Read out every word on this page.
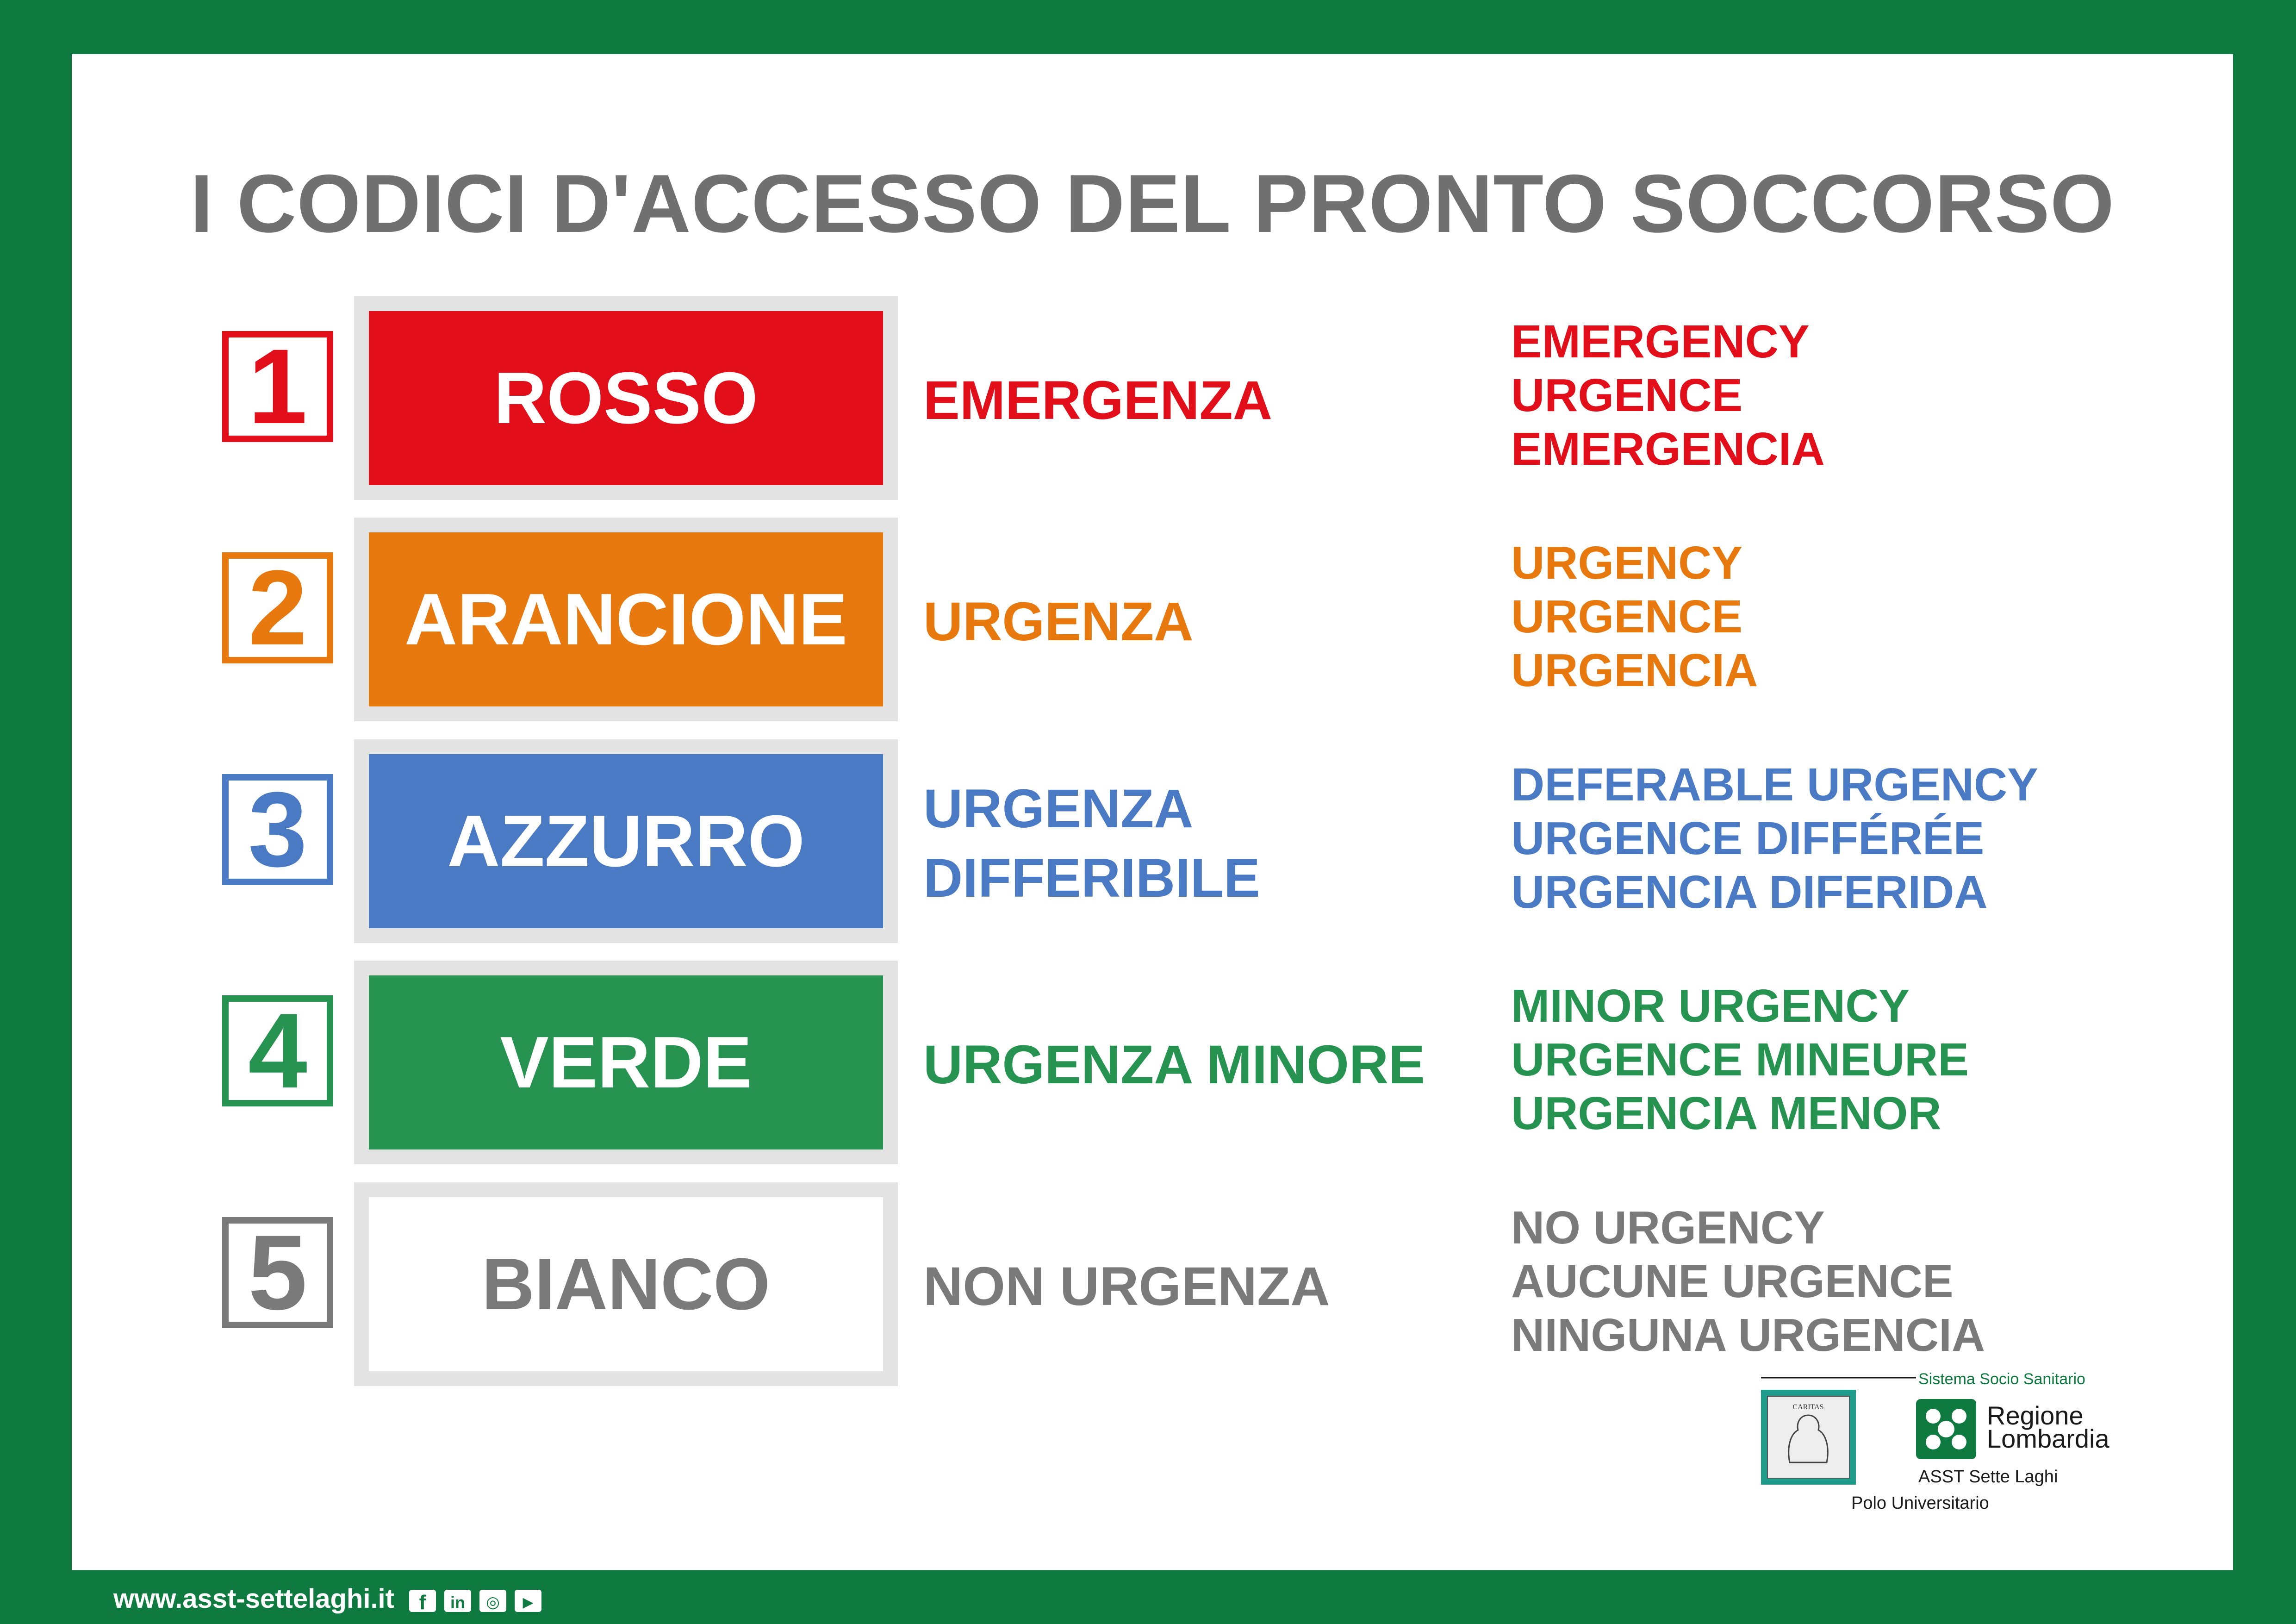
I CODICI D'ACCESSO DEL PRONTO SOCCORSO
1	ROSSO	EMERGENZA
EMERGENCY
URGENCE
EMERGENCIA
2	ARANCIONE	URGENZA
URGENCY
URGENCE
URGENCIA
3	AZZURRO	URGENZA
DIFFERIBILE
DEFERABLE URGENCY
URGENCE DIFFÉRÉE
URGENCIA DIFERIDA
4	VERDE	URGENZA MINORE
MINOR URGENCY
URGENCE MINEURE
URGENCIA MENOR
5	BIANCO	NON URGENZA
NO URGENCY
AUCUNE URGENCE
NINGUNA URGENCIA
Sistema Socio Sanitario
CARITAS	Regione
Lombardia
ASST Sette Laghi
Polo Universitario
www.asst-settelaghi.it f in ◎ ▶
